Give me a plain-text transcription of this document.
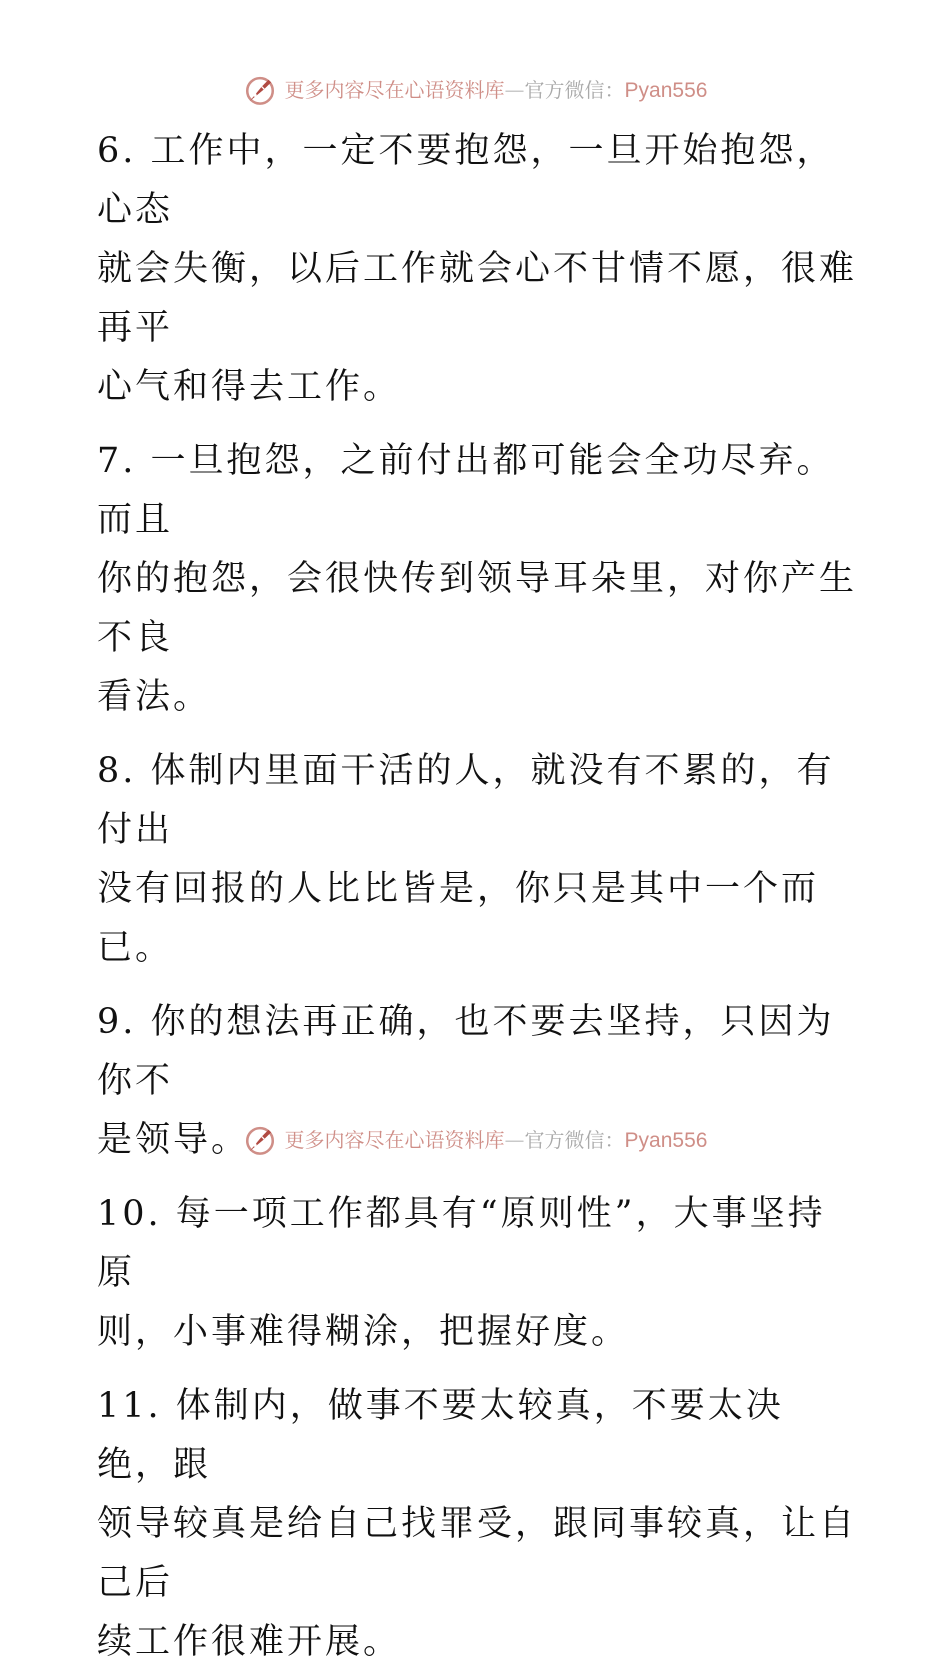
更多内容尽在心语资料库 — 官方微信： Pyan556

6. 工作中，一定不要抱怨，一旦开始抱怨，心态
就会失衡，以后工作就会心不甘情不愿，很难再平
心气和得去工作。

7. 一旦抱怨，之前付出都可能会全功尽弃。而且
你的抱怨，会很快传到领导耳朵里，对你产生不良
看法。

8. 体制内里面干活的人，就没有不累的，有付出
没有回报的人比比皆是，你只是其中一个而已。

9. 你的想法再正确，也不要去坚持，只因为你不
是领导。

10. 每一项工作都具有“原则性”，大事坚持原
则，小事难得糊涂，把握好度。

11. 体制内，做事不要太较真，不要太决绝，跟
领导较真是给自己找罪受，跟同事较真，让自己后
续工作很难开展。

更多内容尽在心语资料库 — 官方微信： Pyan556
